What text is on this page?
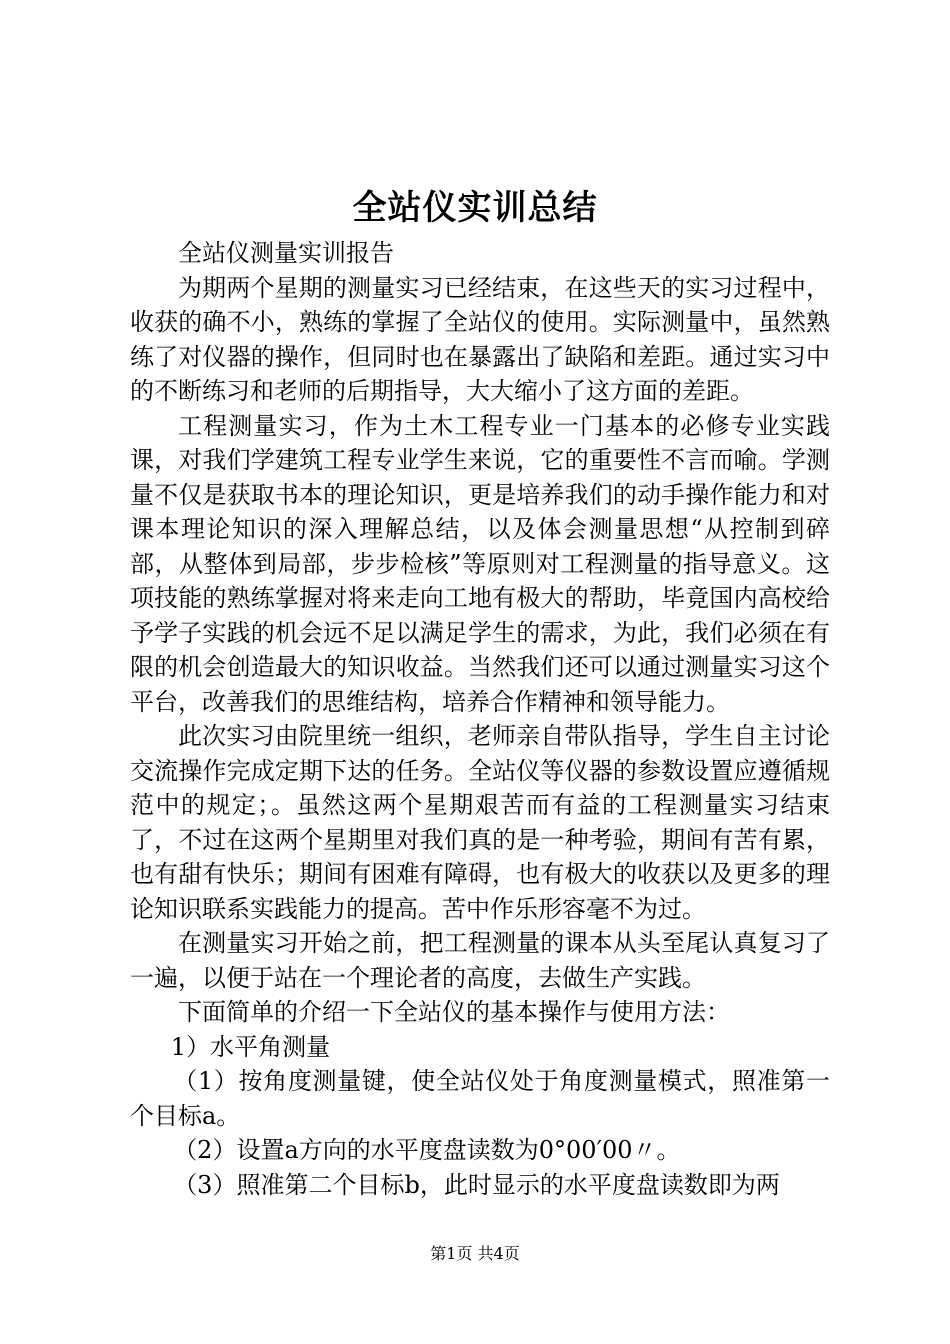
全站仪实训总结

全站仪测量实训报告

为期两个星期的测量实习已经结束，在这些天的实习过程中，收获的确不小，熟练的掌握了全站仪的使用。实际测量中，虽然熟练了对仪器的操作，但同时也在暴露出了缺陷和差距。通过实习中的不断练习和老师的后期指导，大大缩小了这方面的差距。

工程测量实习，作为土木工程专业一门基本的必修专业实践课，对我们学建筑工程专业学生来说，它的重要性不言而喻。学测量不仅是获取书本的理论知识，更是培养我们的动手操作能力和对课本理论知识的深入理解总结，以及体会测量思想“从控制到碎部，从整体到局部，步步检核”等原则对工程测量的指导意义。这项技能的熟练掌握对将来走向工地有极大的帮助，毕竟国内高校给予学子实践的机会远不足以满足学生的需求，为此，我们必须在有限的机会创造最大的知识收益。当然我们还可以通过测量实习这个平台，改善我们的思维结构，培养合作精神和领导能力。

此次实习由院里统一组织，老师亲自带队指导，学生自主讨论交流操作完成定期下达的任务。全站仪等仪器的参数设置应遵循规范中的规定；。虽然这两个星期艰苦而有益的工程测量实习结束了，不过在这两个星期里对我们真的是一种考验，期间有苦有累，也有甜有快乐；期间有困难有障碍，也有极大的收获以及更多的理论知识联系实践能力的提高。苦中作乐形容毫不为过。

在测量实习开始之前，把工程测量的课本从头至尾认真复习了一遍，以便于站在一个理论者的高度，去做生产实践。

下面简单的介绍一下全站仪的基本操作与使用方法：

1）水平角测量

（1）按角度测量键，使全站仪处于角度测量模式，照准第一个目标a。

（2）设置a方向的水平度盘读数为0°00′00〃。

（3）照准第二个目标b，此时显示的水平度盘读数即为两

第1页 共4页
